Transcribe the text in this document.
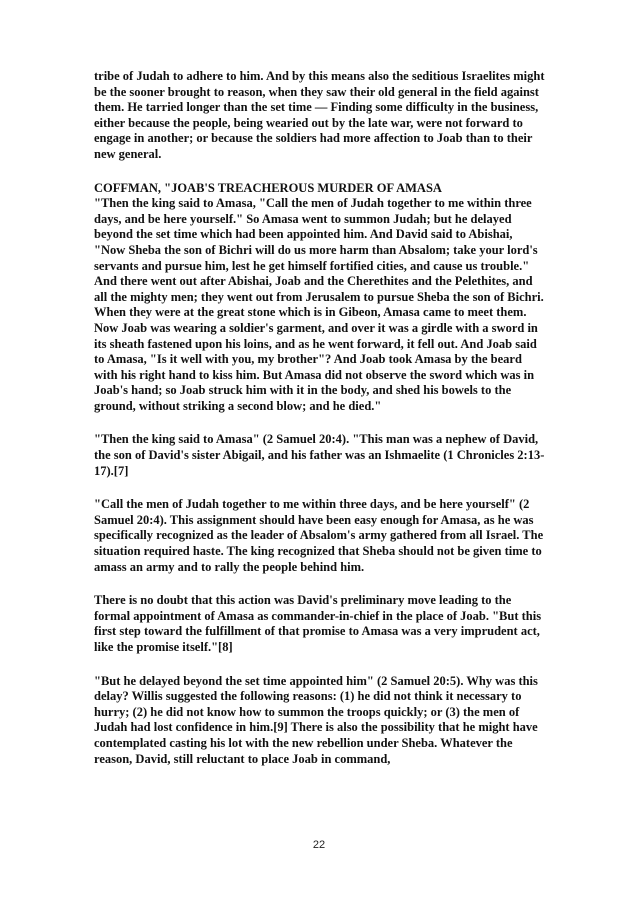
tribe of Judah to adhere to him. And by this means also the seditious Israelites might be the sooner brought to reason, when they saw their old general in the field against them. He tarried longer than the set time — Finding some difficulty in the business, either because the people, being wearied out by the late war, were not forward to engage in another; or because the soldiers had more affection to Joab than to their new general.

COFFMAN, "JOAB'S TREACHEROUS MURDER OF AMASA

"Then the king said to Amasa, "Call the men of Judah together to me within three days, and be here yourself." So Amasa went to summon Judah; but he delayed beyond the set time which had been appointed him. And David said to Abishai, "Now Sheba the son of Bichri will do us more harm than Absalom; take your lord's servants and pursue him, lest he get himself fortified cities, and cause us trouble." And there went out after Abishai, Joab and the Cherethites and the Pelethites, and all the mighty men; they went out from Jerusalem to pursue Sheba the son of Bichri. When they were at the great stone which is in Gibeon, Amasa came to meet them. Now Joab was wearing a soldier's garment, and over it was a girdle with a sword in its sheath fastened upon his loins, and as he went forward, it fell out. And Joab said to Amasa, "Is it well with you, my brother"? And Joab took Amasa by the beard with his right hand to kiss him. But Amasa did not observe the sword which was in Joab's hand; so Joab struck him with it in the body, and shed his bowels to the ground, without striking a second blow; and he died."

"Then the king said to Amasa" (2 Samuel 20:4). "This man was a nephew of David, the son of David's sister Abigail, and his father was an Ishmaelite (1 Chronicles 2:13-17).[7]

"Call the men of Judah together to me within three days, and be here yourself" (2 Samuel 20:4). This assignment should have been easy enough for Amasa, as he was specifically recognized as the leader of Absalom's army gathered from all Israel. The situation required haste. The king recognized that Sheba should not be given time to amass an army and to rally the people behind him.

There is no doubt that this action was David's preliminary move leading to the formal appointment of Amasa as commander-in-chief in the place of Joab. "But this first step toward the fulfillment of that promise to Amasa was a very imprudent act, like the promise itself."[8]

"But he delayed beyond the set time appointed him" (2 Samuel 20:5). Why was this delay? Willis suggested the following reasons: (1) he did not think it necessary to hurry; (2) he did not know how to summon the troops quickly; or (3) the men of Judah had lost confidence in him.[9] There is also the possibility that he might have contemplated casting his lot with the new rebellion under Sheba. Whatever the reason, David, still reluctant to place Joab in command,

22
